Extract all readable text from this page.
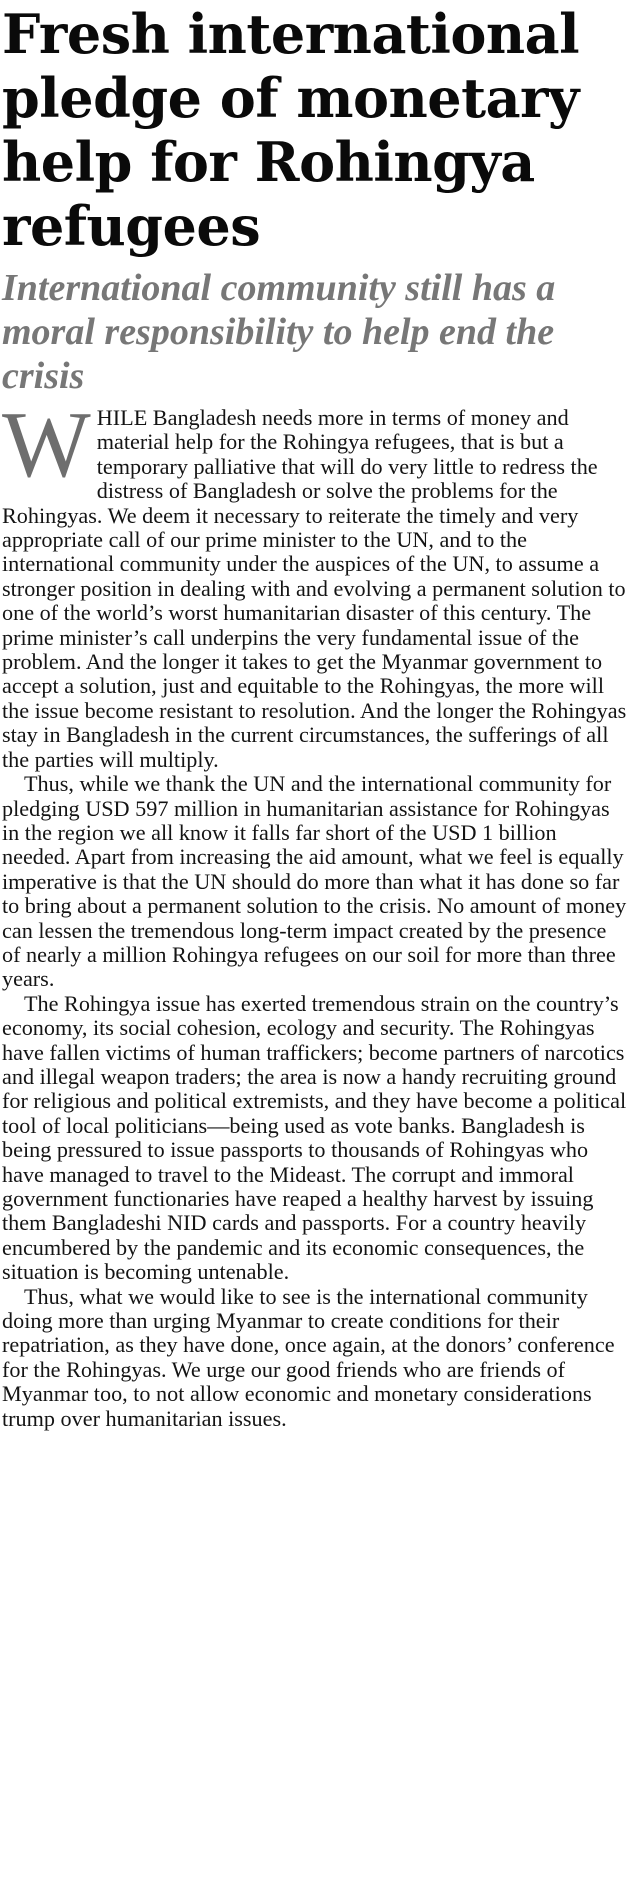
Fresh international pledge of monetary help for Rohingya refugees
International community still has a moral responsibility to help end the crisis

WHILE Bangladesh needs more in terms of money and material help for the Rohingya refugees, that is but a temporary palliative that will do very little to redress the distress of Bangladesh or solve the problems for the Rohingyas. We deem it necessary to reiterate the timely and very appropriate call of our prime minister to the UN, and to the international community under the auspices of the UN, to assume a stronger position in dealing with and evolving a permanent solution to one of the world’s worst humanitarian disaster of this century. The prime minister’s call underpins the very fundamental issue of the problem. And the longer it takes to get the Myanmar government to accept a solution, just and equitable to the Rohingyas, the more will the issue become resistant to resolution. And the longer the Rohingyas stay in Bangladesh in the current circumstances, the sufferings of all the parties will multiply.

Thus, while we thank the UN and the international community for pledging USD 597 million in humanitarian assistance for Rohingyas in the region we all know it falls far short of the USD 1 billion needed. Apart from increasing the aid amount, what we feel is equally imperative is that the UN should do more than what it has done so far to bring about a permanent solution to the crisis. No amount of money can lessen the tremendous long-term impact created by the presence of nearly a million Rohingya refugees on our soil for more than three years.

The Rohingya issue has exerted tremendous strain on the country’s economy, its social cohesion, ecology and security. The Rohingyas have fallen victims of human traffickers; become partners of narcotics and illegal weapon traders; the area is now a handy recruiting ground for religious and political extremists, and they have become a political tool of local politicians—being used as vote banks. Bangladesh is being pressured to issue passports to thousands of Rohingyas who have managed to travel to the Mideast. The corrupt and immoral government functionaries have reaped a healthy harvest by issuing them Bangladeshi NID cards and passports. For a country heavily encumbered by the pandemic and its economic consequences, the situation is becoming untenable.

Thus, what we would like to see is the international community doing more than urging Myanmar to create conditions for their repatriation, as they have done, once again, at the donors’ conference for the Rohingyas. We urge our good friends who are friends of Myanmar too, to not allow economic and monetary considerations trump over humanitarian issues.
